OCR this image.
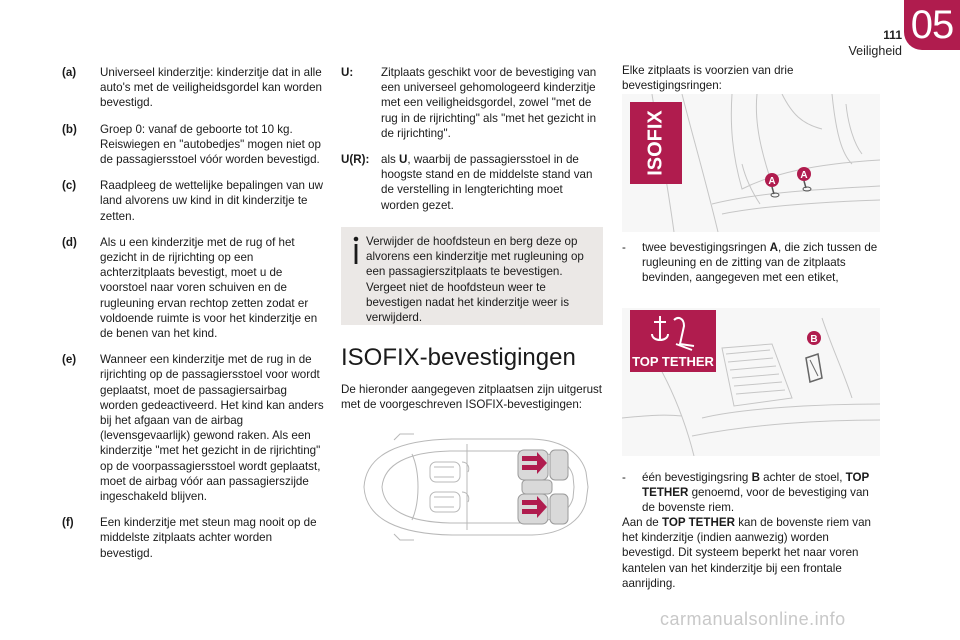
111
Veiligheid
05
(a) Universeel kinderzitje: kinderzitje dat in alle auto's met de veiligheidsgordel kan worden bevestigd.
(b) Groep 0: vanaf de geboorte tot 10 kg. Reiswiegen en "autobedjes" mogen niet op de passagiersstoel vóór worden bevestigd.
(c) Raadpleeg de wettelijke bepalingen van uw land alvorens uw kind in dit kinderzitje te zetten.
(d) Als u een kinderzitje met de rug of het gezicht in de rijrichting op een achterzitplaats bevestigt, moet u de voorstoel naar voren schuiven en de rugleuning ervan rechtop zetten zodat er voldoende ruimte is voor het kinderzitje en de benen van het kind.
(e) Wanneer een kinderzitje met de rug in de rijrichting op de passagiersstoel voor wordt geplaatst, moet de passagiersairbag worden gedeactiveerd. Het kind kan anders bij het afgaan van de airbag (levensgevaarlijk) gewond raken. Als een kinderzitje "met het gezicht in de rijrichting" op de voorpassagiersstoel wordt geplaatst, moet de airbag vóór aan passagierszijde ingeschakeld blijven.
(f) Een kinderzitje met steun mag nooit op de middelste zitplaats achter worden bevestigd.
U: Zitplaats geschikt voor de bevestiging van een universeel gehomologeerd kinderzitje met een veiligheidsgordel, zowel "met de rug in de rijrichting" als "met het gezicht in de rijrichting".
U(R): als U, waarbij de passagiersstoel in de hoogste stand en de middelste stand van de verstelling in lengterichting moet worden gezet.
Verwijder de hoofdsteun en berg deze op alvorens een kinderzitje met rugleuning op een passagierszitplaats te bevestigen. Vergeet niet de hoofdsteun weer te bevestigen nadat het kinderzitje weer is verwijderd.
ISOFIX-bevestigingen
De hieronder aangegeven zitplaatsen zijn uitgerust met de voorgeschreven ISOFIX-bevestigingen:
Elke zitplaats is voorzien van drie bevestigingsringen:
ISOFIX
A
A
-	twee bevestigingsringen A, die zich tussen de rugleuning en de zitting van de zitplaats bevinden, aangegeven met een etiket,
TOP TETHER
B
-	één bevestigingsring B achter de stoel, TOP TETHER genoemd, voor de bevestiging van de bovenste riem.
Aan de TOP TETHER kan de bovenste riem van het kinderzitje (indien aanwezig) worden bevestigd. Dit systeem beperkt het naar voren kantelen van het kinderzitje bij een frontale aanrijding.
carmanualsonline.info
